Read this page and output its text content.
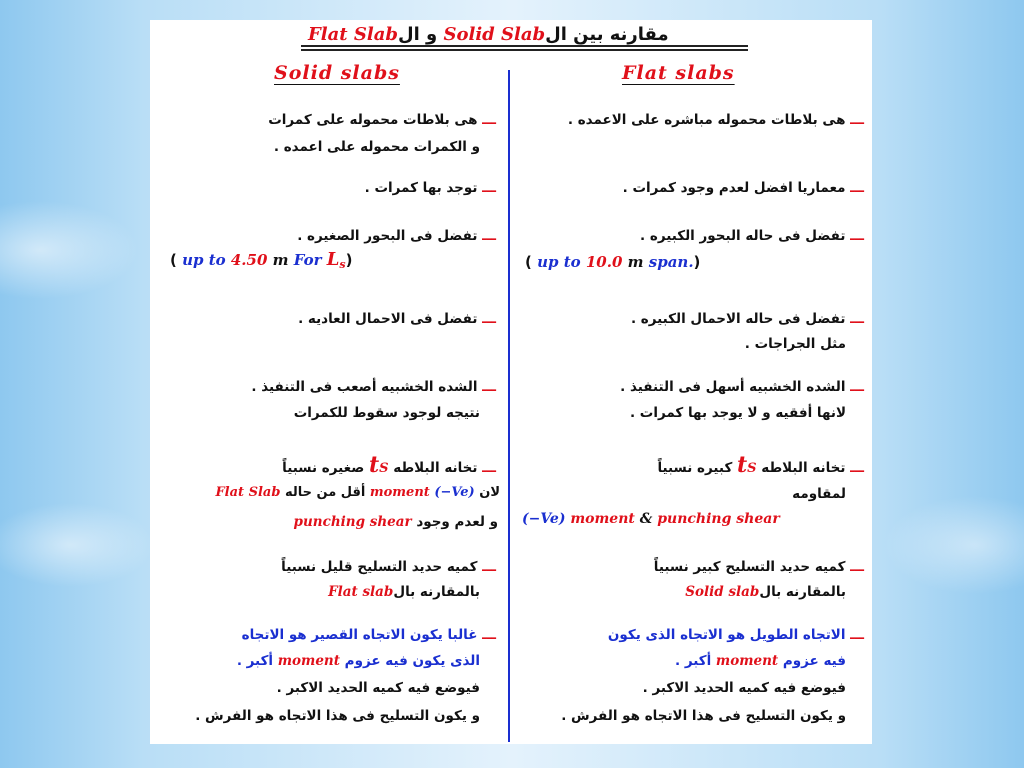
مقارنه بين الSolid Slab و الFlat Slab
Solid slabs	Flat slabs
ـــ هى بلاطات محموله مباشره على الاعمده .
ـــ هى بلاطات محموله على كمرات
و الكمرات محموله على اعمده .
ـــ معماريا افضل لعدم وجود كمرات .
ـــ توجد بها كمرات .
ـــ تفضل فى حاله البحور الكبيره .
( up to 10.0 m span.)
ـــ تفضل فى البحور الصغيره .
( up to 4.50 m For $L_s$)
ـــ تفضل فى حاله الاحمال الكبيره .
مثل الجراجات .
ـــ تفضل فى الاحمال العاديه .
ـــ الشده الخشبيه أسهل فى التنفيذ .
لانها أفقيه و لا يوجد بها كمرات .
ـــ الشده الخشبيه أصعب فى التنفيذ .
نتيجه لوجود سقوط للكمرات
ـــ تخانه البلاطه tS كبيره نسبياً
لمقاومه
(−Ve) moment & punching shear
ـــ تخانه البلاطه tS صغيره نسبياً
لان (−Ve) moment أقل من حاله Flat Slab
و لعدم وجود punching shear
ـــ كميه حديد التسليح كبير نسبياً
بالمقارنه بالSolid slab
ـــ كميه حديد التسليح قليل نسبياً
بالمقارنه بالFlat slab
ـــ الاتجاه الطويل هو الاتجاه الذى يكون
فيه عزوم moment أكبر .
فيوضع فيه كميه الحديد الاكبر .
و يكون التسليح فى هذا الاتجاه هو الفرش .
ـــ غالبا يكون الاتجاه القصير هو الاتجاه
الذى يكون فيه عزوم moment أكبر .
فيوضع فيه كميه الحديد الاكبر .
و يكون التسليح فى هذا الاتجاه هو الفرش .
